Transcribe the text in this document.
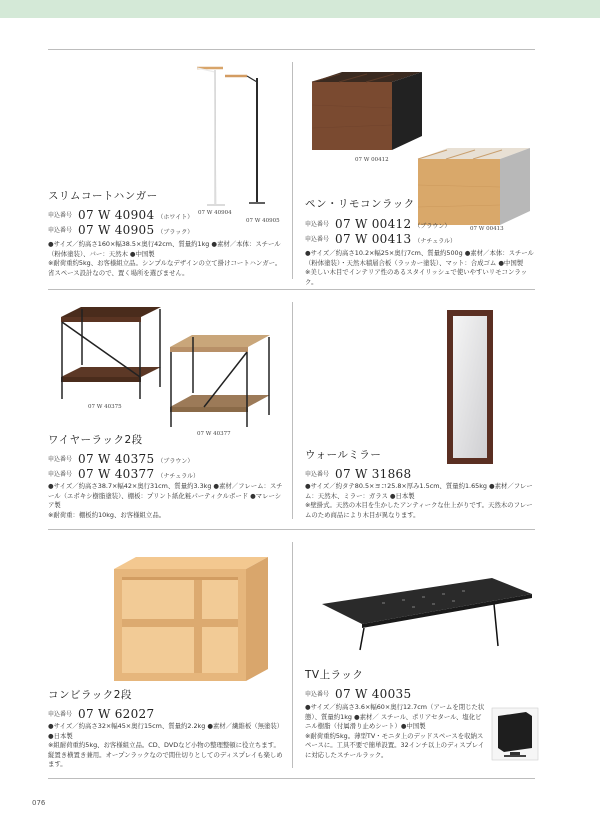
07 W 40904
07 W 40905
スリムコートハンガー
申込番号 07 W 40904 （ホワイト）
申込番号 07 W 40905 （ブラック）

●サイズ／約高さ160×幅38.5×奥行42cm、質量約1kg ●素材／本体：スチール（粉体塗装）、バー：天然木 ●中国製

※耐荷重約5kg、お客様組立品。シンプルなデザインの立て掛けコートハンガー。省スペース設計なので、置く場所を選びません。

07 W 00412
07 W 00413
ペン・リモコンラック
申込番号 07 W 00412 （ブラウン）
申込番号 07 W 00413 （ナチュラル）

●サイズ／約高さ10.2×幅25×奥行7cm、質量約500g ●素材／本体：スチール（粉体塗装）・天然木積層合板（ラッカー塗装）、マット：合成ゴム ●中国製

※美しい木目でインテリア性のあるスタイリッシュで使いやすいリモコンラック。

07 W 40375
07 W 40377
ワイヤーラック2段
申込番号 07 W 40375 （ブラウン）
申込番号 07 W 40377 （ナチュラル）

●サイズ／約高さ38.7×幅42×奥行31cm、質量約3.3kg ●素材／フレーム：スチール（エポキシ樹脂塗装）、棚板：プリント紙化粧パーティクルボード ●マレーシア製

※耐荷重：棚板約10kg、お客様組立品。

ウォールミラー
申込番号 07 W 31868

●サイズ／約タテ80.5×ヨコ25.8×厚み1.5cm、質量約1.65kg ●素材／フレーム：天然木、ミラー：ガラス ●日本製

※壁掛式。天然の木目を生かしたアンティークな仕上がりです。天然木のフレームのため商品により木目が異なります。

コンビラック2段
申込番号 07 W 62027

●サイズ／約高さ32×幅45×奥行15cm、質量約2.2kg ●素材／繊維板（無塗装）●日本製

※組耐荷重約5kg、お客様組立品。CD、DVDなど小物の整理整頓に役立ちます。縦置き横置き兼用。オープンラックなので間仕切りとしてのディスプレイも楽しめます。

TV上ラック
申込番号 07 W 40035

●サイズ／約高さ3.6×幅60×奥行12.7cm（アームを閉じた状態）、質量約1kg ●素材／ スチール、ポリアセタール、塩化ビニル樹脂（付属滑り止めシート）●中国製

※耐荷重約5kg。薄型TV・モニタ上のデッドスペースを収納スペースに。工具不要で簡単設置。32インチ以上のディスプレイに対応したスチールラック。

076
